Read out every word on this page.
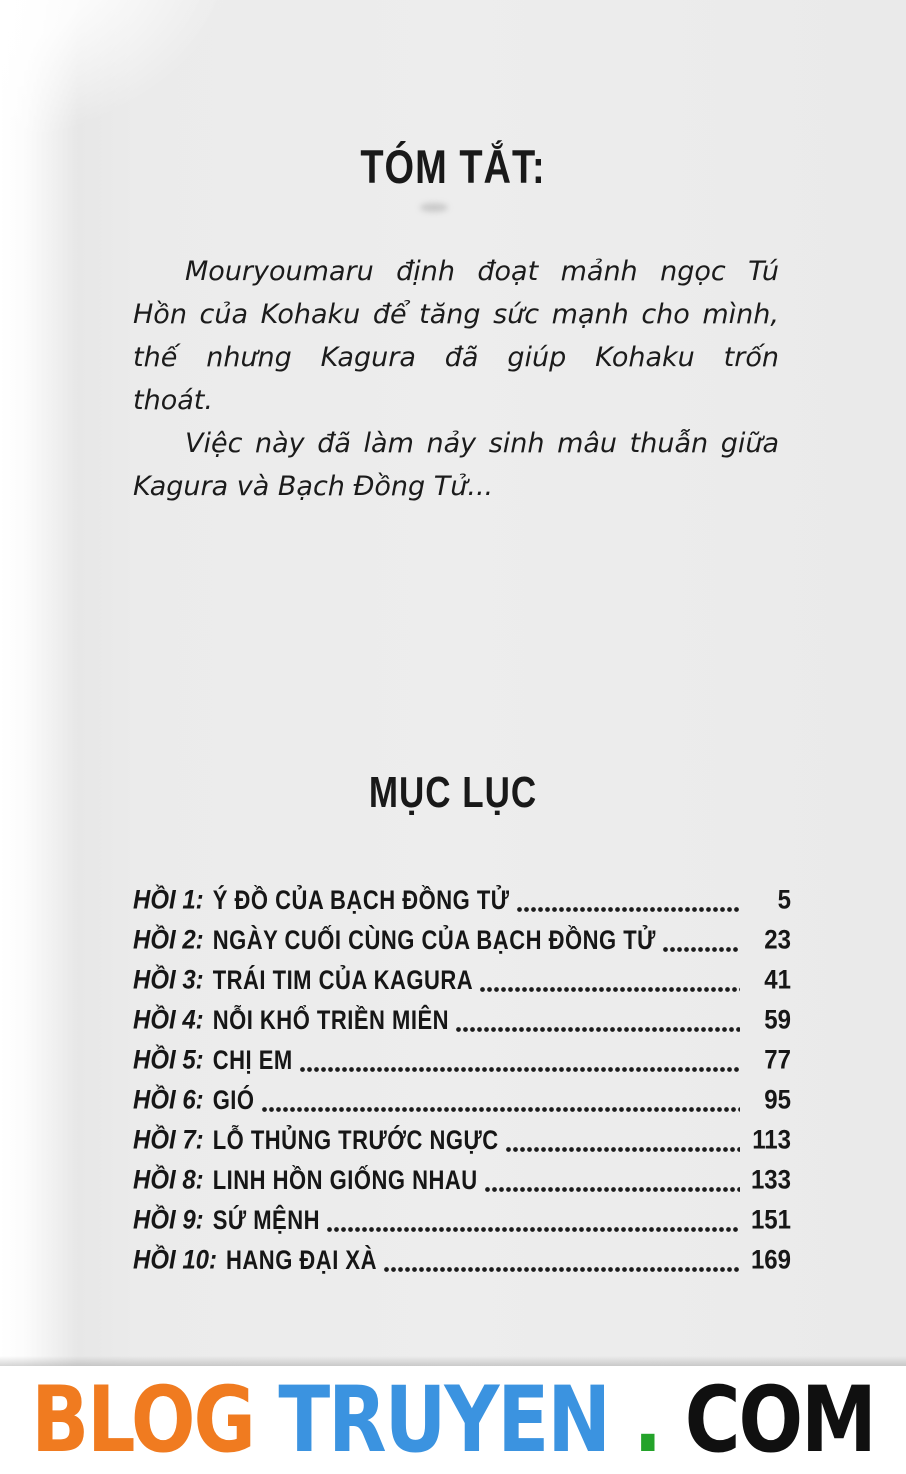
TÓM TẮT:
Mouryoumaru định đoạt mảnh ngọc Tú
Hồn của Kohaku để tăng sức mạnh cho mình,
thế nhưng Kagura đã giúp Kohaku trốn
thoát.
Việc này đã làm nảy sinh mâu thuẫn giữa
Kagura và Bạch Đồng Tử...
MỤC LỤC
HỒI 1: Ý ĐỒ CỦA BẠCH ĐỒNG TỬ	5
HỒI 2: NGÀY CUỐI CÙNG CỦA BẠCH ĐỒNG TỬ	23
HỒI 3: TRÁI TIM CỦA KAGURA	41
HỒI 4: NỖI KHỔ TRIỀN MIÊN	59
HỒI 5: CHỊ EM	77
HỒI 6: GIÓ	95
HỒI 7: LỖ THỦNG TRƯỚC NGỰC	113
HỒI 8: LINH HỒN GIỐNG NHAU	133
HỒI 9: SỨ MỆNH	151
HỒI 10: HANG ĐẠI XÀ	169
BLOG TRUYEN . COM
